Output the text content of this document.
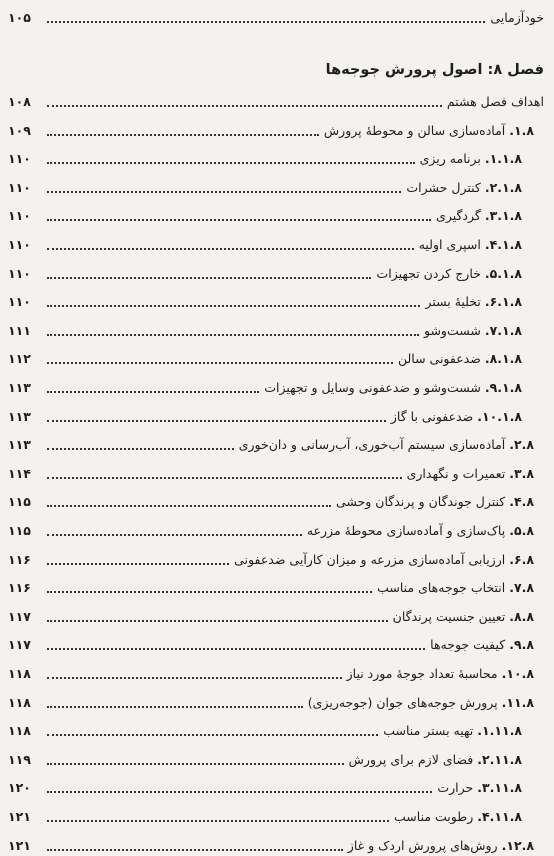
خودآزمایی
۱۰۵
فصل ۸: اصول پرورش جوجه‌ها
اهداف فصل هشتم
۱۰۸
۱.۸.آماده‌سازی سالن و محوطهٔ پرورش
۱۰۹
۱.۱.۸.برنامه ریزی
۱۱۰
۲.۱.۸.کنترل حشرات
۱۱۰
۳.۱.۸.گردگیری
۱۱۰
۴.۱.۸.اسپری اولیه
۱۱۰
۵.۱.۸.خارج کردن تجهیزات
۱۱۰
۶.۱.۸.تخلیهٔ بستر
۱۱۰
۷.۱.۸.شست‌وشو
۱۱۱
۸.۱.۸.ضدعفونی سالن
۱۱۲
۹.۱.۸.شست‌وشو و ضدعفونی وسایل و تجهیزات
۱۱۳
۱۰.۱.۸.ضدعفونی با گاز
۱۱۳
۲.۸.آماده‌سازی سیستم آب‌خوری، آب‌رسانی و دان‌خوری
۱۱۳
۳.۸.تعمیرات و نگهداری
۱۱۴
۴.۸.کنترل جوندگان و پرندگان وحشی
۱۱۵
۵.۸.پاک‌سازی و آماده‌سازی محوطهٔ مزرعه
۱۱۵
۶.۸.ارزیابی آماده‌سازی مزرعه و میزان کارآیی ضدعفونی
۱۱۶
۷.۸.انتخاب جوجه‌های مناسب
۱۱۶
۸.۸.تعیین جنسیت پرندگان
۱۱۷
۹.۸.کیفیت جوجه‌ها
۱۱۷
۱۰.۸.محاسبهٔ تعداد جوجهٔ مورد نیاز
۱۱۸
۱۱.۸.پرورش جوجه‌های جوان (جوجه‌ریزی)
۱۱۸
۱.۱۱.۸.تهیه بستر مناسب
۱۱۸
۲.۱۱.۸.فضای لازم برای پرورش
۱۱۹
۳.۱۱.۸.حرارت
۱۲۰
۴.۱۱.۸.رطوبت مناسب
۱۲۱
۱۲.۸.روش‌های پرورش اردک و غاز
۱۲۱
